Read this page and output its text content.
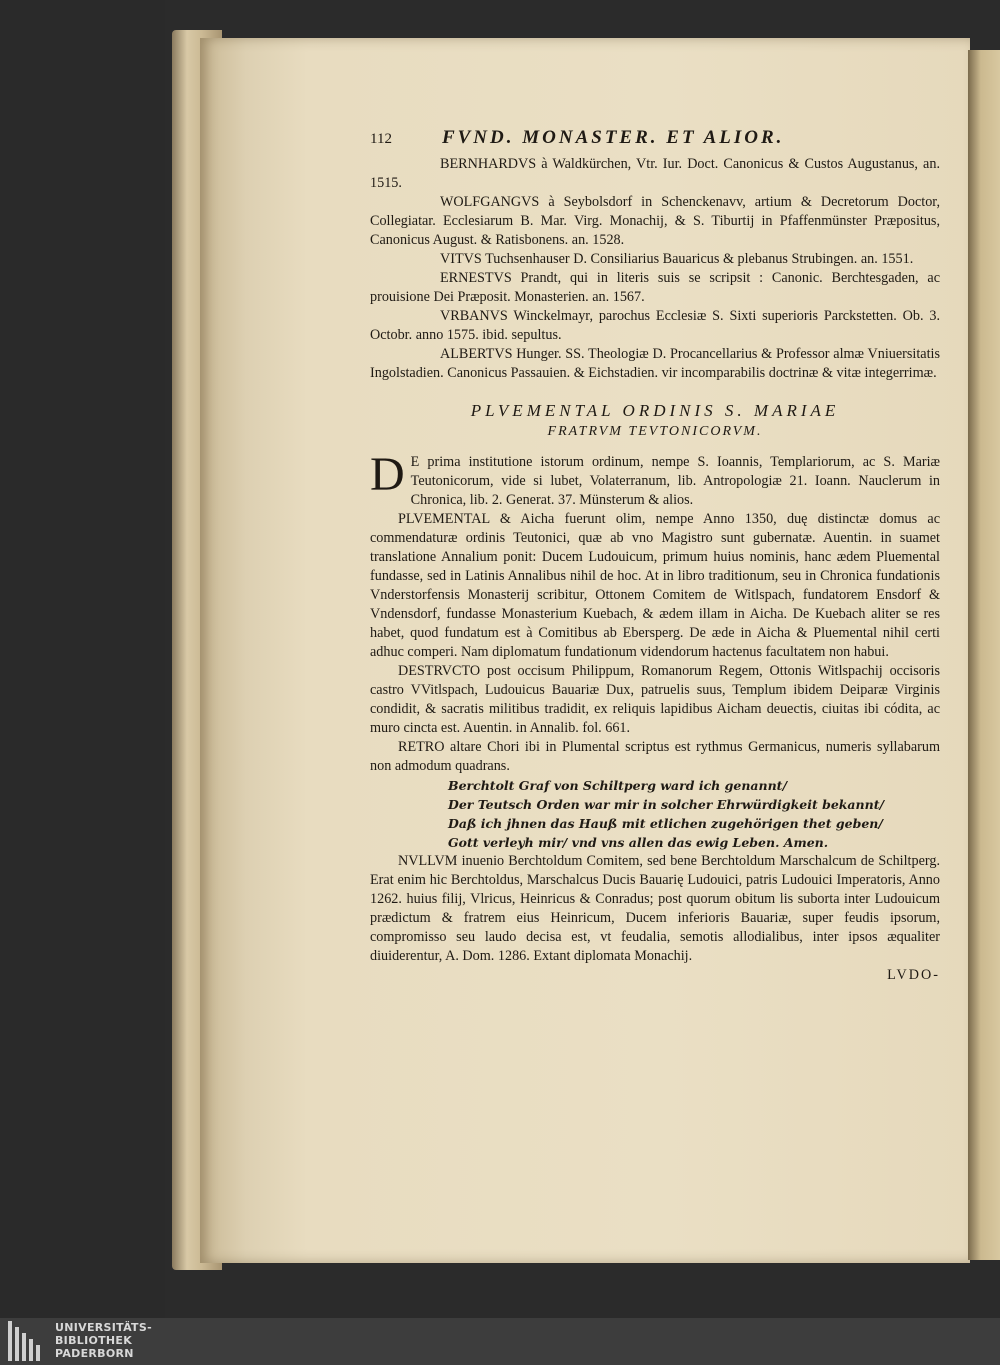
112	FVND. MONASTER. ET ALIOR.

BERNHARDVS à Waldkürchen, Vtr. Iur. Doct. Canonicus & Custos Augustanus, an. 1515.

WOLFGANGVS à Seybolsdorf in Schenckenavv, artium & Decretorum Doctor, Collegiatar. Ecclesiarum B. Mar. Virg. Monachij, & S. Tiburtij in Pfaffenmünster Præpositus, Canonicus August. & Ratisbonens. an. 1528.

VITVS Tuchsenhauser D. Consiliarius Bauaricus & plebanus Strubingen. an. 1551.

ERNESTVS Prandt, qui in literis suis se scripsit : Canonic. Berchtesgaden, ac prouisione Dei Præposit. Monasterien. an. 1567.

VRBANVS Winckelmayr, parochus Ecclesiæ S. Sixti superioris Parckstetten. Ob. 3. Octobr. anno 1575. ibid. sepultus.

ALBERTVS Hunger. SS. Theologiæ D. Procancellarius & Professor almæ Vniuersitatis Ingolstadien. Canonicus Passauien. & Eichstadien. vir incomparabilis doctrinæ & vitæ integerrimæ.

PLVEMENTAL ORDINIS S. MARIAE
FRATRVM TEVTONICORVM.

D E prima institutione istorum ordinum, nempe S. Ioannis, Templariorum, ac S. Mariæ Teutonicorum, vide si lubet, Volaterranum, lib. Antropologiæ 21. Ioann. Nauclerum in Chronica, lib. 2. Generat. 37. Münsterum & alios.

PLVEMENTAL & Aicha fuerunt olim, nempe Anno 1350, duę distinctæ domus ac commendaturæ ordinis Teutonici, quæ ab vno Magistro sunt gubernatæ. Auentin. in suamet translatione Annalium ponit: Ducem Ludouicum, primum huius nominis, hanc ædem Pluemental fundasse, sed in Latinis Annalibus nihil de hoc. At in libro traditionum, seu in Chronica fundationis Vnderstorfensis Monasterij scribitur, Ottonem Comitem de Witlspach, fundatorem Ensdorf & Vndensdorf, fundasse Monasterium Kuebach, & ædem illam in Aicha. De Kuebach aliter se res habet, quod fundatum est à Comitibus ab Ebersperg. De æde in Aicha & Pluemental nihil certi adhuc comperi. Nam diplomatum fundationum videndorum hactenus facultatem non habui.

DESTRVCTO post occisum Philippum, Romanorum Regem, Ottonis Witlspachij occisoris castro VVitlspach, Ludouicus Bauariæ Dux, patruelis suus, Templum ibidem Deiparæ Virginis condidit, & sacratis militibus tradidit, ex reliquis lapidibus Aicham deuectis, ciuitas ibi códita, ac muro cincta est. Auentin. in Annalib. fol. 661.

RETRO altare Chori ibi in Plumental scriptus est rythmus Germanicus, numeris syllabarum non admodum quadrans.

Berchtolt Graf von Schiltperg ward ich genannt/
Der Teutsch Orden war mir in solcher Ehrwürdigkeit bekannt/
Daß ich jhnen das Hauß mit etlichen zugehörigen thet geben/
Gott verleyh mir/ vnd vns allen das ewig Leben. Amen.

NVLLVM inuenio Berchtoldum Comitem, sed bene Berchtoldum Marschalcum de Schiltperg. Erat enim hic Berchtoldus, Marschalcus Ducis Bauarię Ludouici, patris Ludouici Imperatoris, Anno 1262. huius filij, Vlricus, Heinricus & Conradus; post quorum obitum lis suborta inter Ludouicum prædictum & fratrem eius Heinricum, Ducem inferioris Bauariæ, super feudis ipsorum, compromisso seu laudo decisa est, vt feudalia, semotis allodialibus, inter ipsos æqualiter diuiderentur, A. Dom. 1286. Extant diplomata Monachij.

LVDO-
UNIVERSITÄTS-
BIBLIOTHEK
PADERBORN
